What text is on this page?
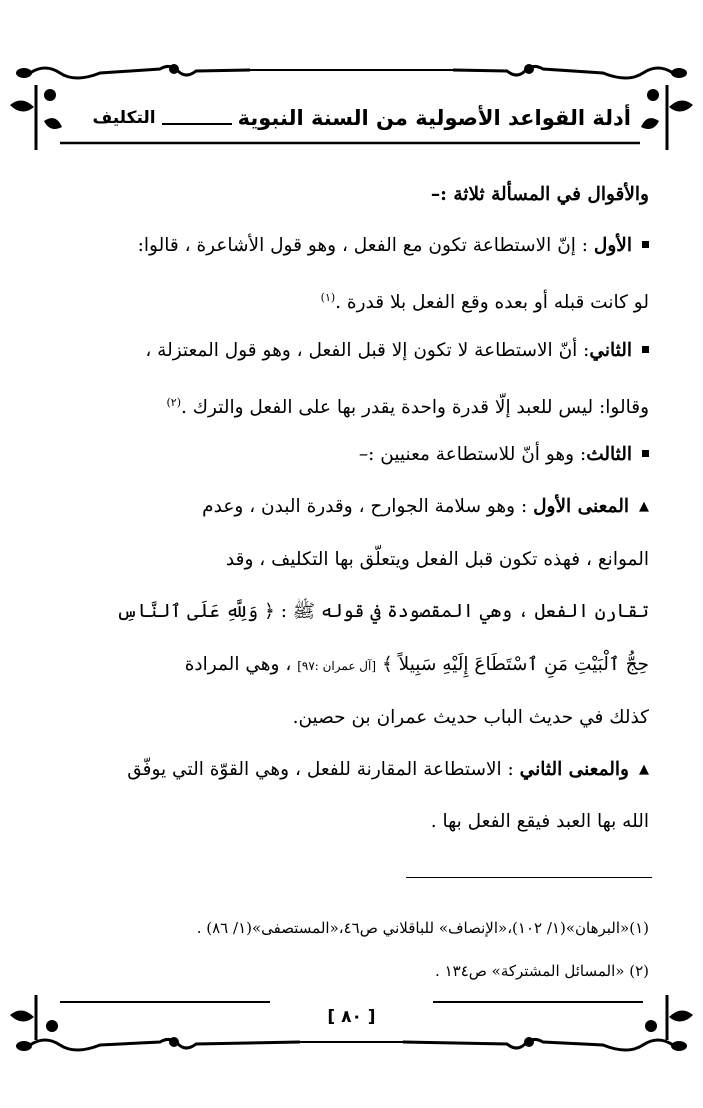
أدلة القواعد الأصولية من السنة النبوية
التكليف
والأقوال في المسألة ثلاثة :–
الأول : إنّ الاستطاعة تكون مع الفعل ، وهو قول الأشاعرة ، قالوا:
لو كانت قبله أو بعده وقع الفعل بلا قدرة .$^{(١)}$
الثاني: أنّ الاستطاعة لا تكون إلا قبل الفعل ، وهو قول المعتزلة ،
وقالوا: ليس للعبد إلّا قدرة واحدة يقدر بها على الفعل والترك .$^{(٢)}$
الثالث: وهو أنّ للاستطاعة معنيين :–
▲المعنى الأول : وهو سلامة الجوارح ، وقدرة البدن ، وعدم
الموانع ، فهذه تكون قبل الفعل ويتعلّق بها التكليف ، وقد
تقارن الفعل ، وهي المقصودة في قوله ﷺ : ﴿ وَلِلَّهِ عَلَى ٱلنَّاسِ
حِجُّ ٱلْبَيْتِ مَنِ ٱسْتَطَاعَ إِلَيْهِ سَبِيلاً ﴾ [آل عمران :٩٧] ، وهي المرادة
كذلك في حديث الباب حديث عمران بن حصين.
▲والمعنى الثاني : الاستطاعة المقارنة للفعل ، وهي القوّة التي يوفّق
الله بها العبد فيقع الفعل بها .
(١)«البرهان»(١/ ١٠٢)،«الإنصاف» للباقلاني ص٤٦،«المستصفى»(١/ ٨٦) .
(٢) «المسائل المشتركة» ص١٣٤ .
[ ٨٠ ]
